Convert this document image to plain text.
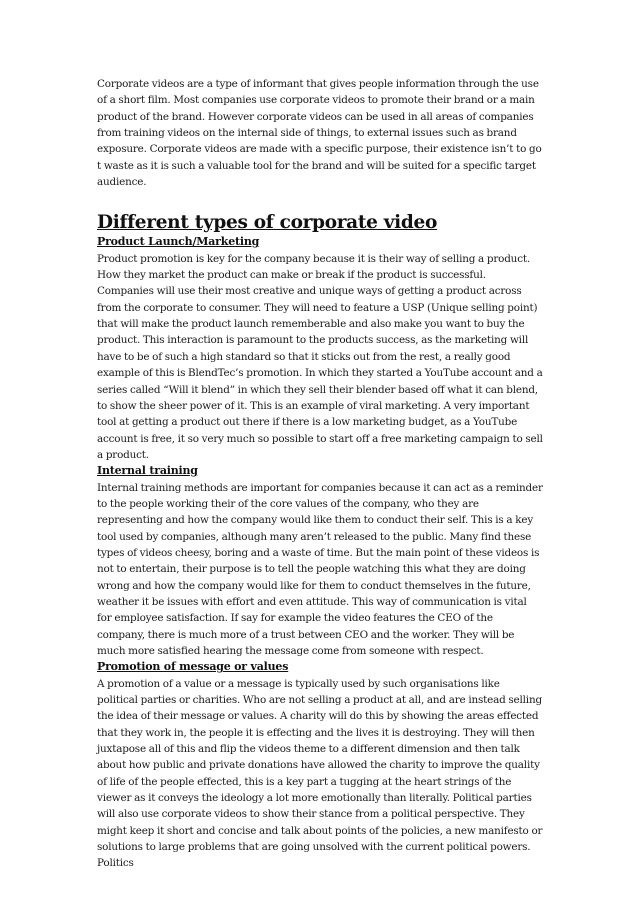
Corporate videos are a type of informant that gives people information through the use of a short film. Most companies use corporate videos to promote their brand or a main product of the brand. However corporate videos can be used in all areas of companies from training videos on the internal side of things, to external issues such as brand exposure. Corporate videos are made with a specific purpose, their existence isn’t to go t waste as it is such a valuable tool for the brand and will be suited for a specific target audience.

Different types of corporate video
Product Launch/Marketing

Product promotion is key for the company because it is their way of selling a product. How they market the product can make or break if the product is successful. Companies will use their most creative and unique ways of getting a product across from the corporate to consumer. They will need to feature a USP (Unique selling point) that will make the product launch rememberable and also make you want to buy the product. This interaction is paramount to the products success, as the marketing will have to be of such a high standard so that it sticks out from the rest, a really good example of this is BlendTec’s promotion. In which they started a YouTube account and a series called “Will it blend” in which they sell their blender based off what it can blend, to show the sheer power of it. This is an example of viral marketing. A very important tool at getting a product out there if there is a low marketing budget, as a YouTube account is free, it so very much so possible to start off a free marketing campaign to sell a product.

Internal training

Internal training methods are important for companies because it can act as a reminder to the people working their of the core values of the company, who they are representing and how the company would like them to conduct their self. This is a key tool used by companies, although many aren’t released to the public. Many find these types of videos cheesy, boring and a waste of time. But the main point of these videos is not to entertain, their purpose is to tell the people watching this what they are doing wrong and how the company would like for them to conduct themselves in the future, weather it be issues with effort and even attitude. This way of communication is vital for employee satisfaction. If say for example the video features the CEO of the company, there is much more of a trust between CEO and the worker. They will be much more satisfied hearing the message come from someone with respect.

Promotion of message or values

A promotion of a value or a message is typically used by such organisations like political parties or charities. Who are not selling a product at all, and are instead selling the idea of their message or values. A charity will do this by showing the areas effected that they work in, the people it is effecting and the lives it is destroying. They will then juxtapose all of this and flip the videos theme to a different dimension and then talk about how public and private donations have allowed the charity to improve the quality of life of the people effected, this is a key part a tugging at the heart strings of the viewer as it conveys the ideology a lot more emotionally than literally. Political parties will also use corporate videos to show their stance from a political perspective. They might keep it short and concise and talk about points of the policies, a new manifesto or solutions to large problems that are going unsolved with the current political powers. Politics
